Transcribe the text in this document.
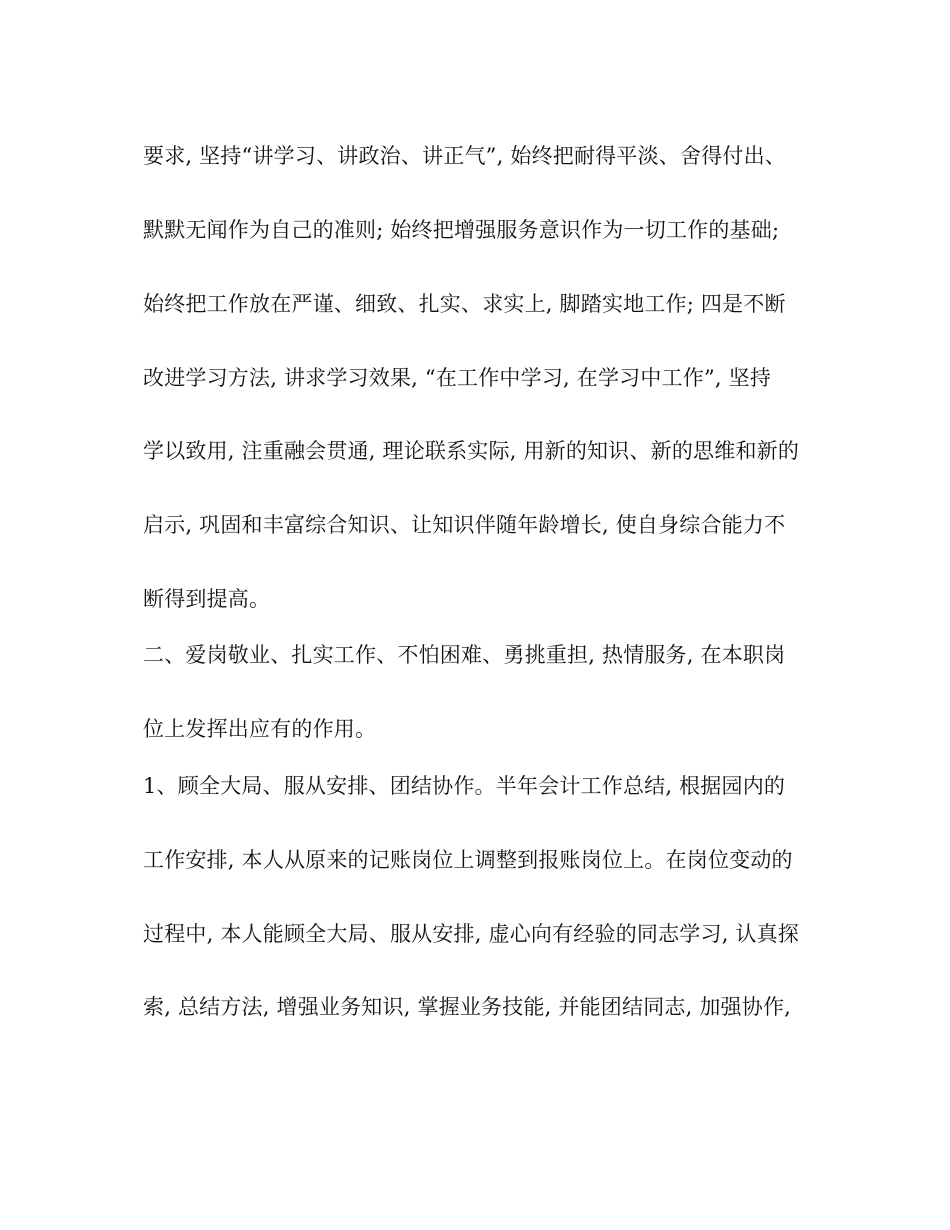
要求, 坚持“讲学习、讲政治、讲正气”, 始终把耐得平淡、舍得付出、
默默无闻作为自己的准则; 始终把增强服务意识作为一切工作的基础;
始终把工作放在严谨、细致、扎实、求实上, 脚踏实地工作; 四是不断
改进学习方法, 讲求学习效果, “在工作中学习, 在学习中工作”, 坚持
学以致用, 注重融会贯通, 理论联系实际, 用新的知识、新的思维和新的
启示, 巩固和丰富综合知识、让知识伴随年龄增长, 使自身综合能力不
断得到提高。
二、爱岗敬业、扎实工作、不怕困难、勇挑重担, 热情服务, 在本职岗
位上发挥出应有的作用。
1、顾全大局、服从安排、团结协作。半年会计工作总结, 根据园内的
工作安排, 本人从原来的记账岗位上调整到报账岗位上。在岗位变动的
过程中, 本人能顾全大局、服从安排, 虚心向有经验的同志学习, 认真探
索, 总结方法, 增强业务知识, 掌握业务技能, 并能团结同志, 加强协作,
